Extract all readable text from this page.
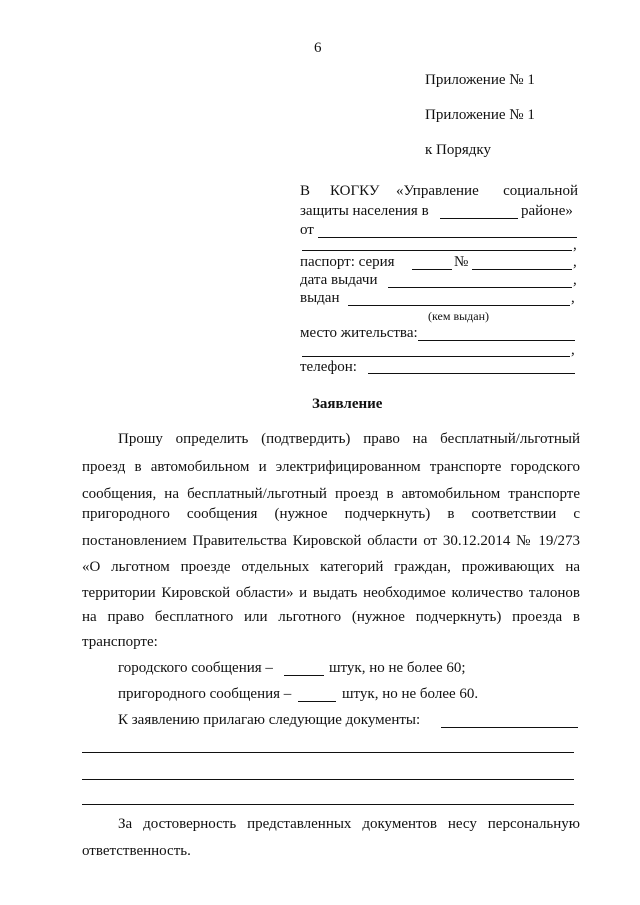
6
Приложение № 1
Приложение № 1
к Порядку
В КОГКУ «Управление социальной
защиты населения в	районе»
от
,
паспорт: серия	№	,
дата выдачи	,
выдан	,
(кем выдан)
место жительства:
,
телефон:
Заявление
Прошу определить (подтвердить) право на бесплатный/льготный
проезд в автомобильном и электрифицированном транспорте городского
сообщения, на бесплатный/льготный проезд в автомобильном транспорте
пригородного сообщения (нужное подчеркнуть) в соответствии с
постановлением Правительства Кировской области от 30.12.2014 № 19/273
«О льготном проезде отдельных категорий граждан, проживающих на
территории Кировской области» и выдать необходимое количество талонов
на право бесплатного или льготного (нужное подчеркнуть) проезда в
транспорте:
городского сообщения –	штук, но не более 60;
пригородного сообщения –	штук, но не более 60.
К заявлению прилагаю следующие документы:
За достоверность представленных документов несу персональную
ответственность.
